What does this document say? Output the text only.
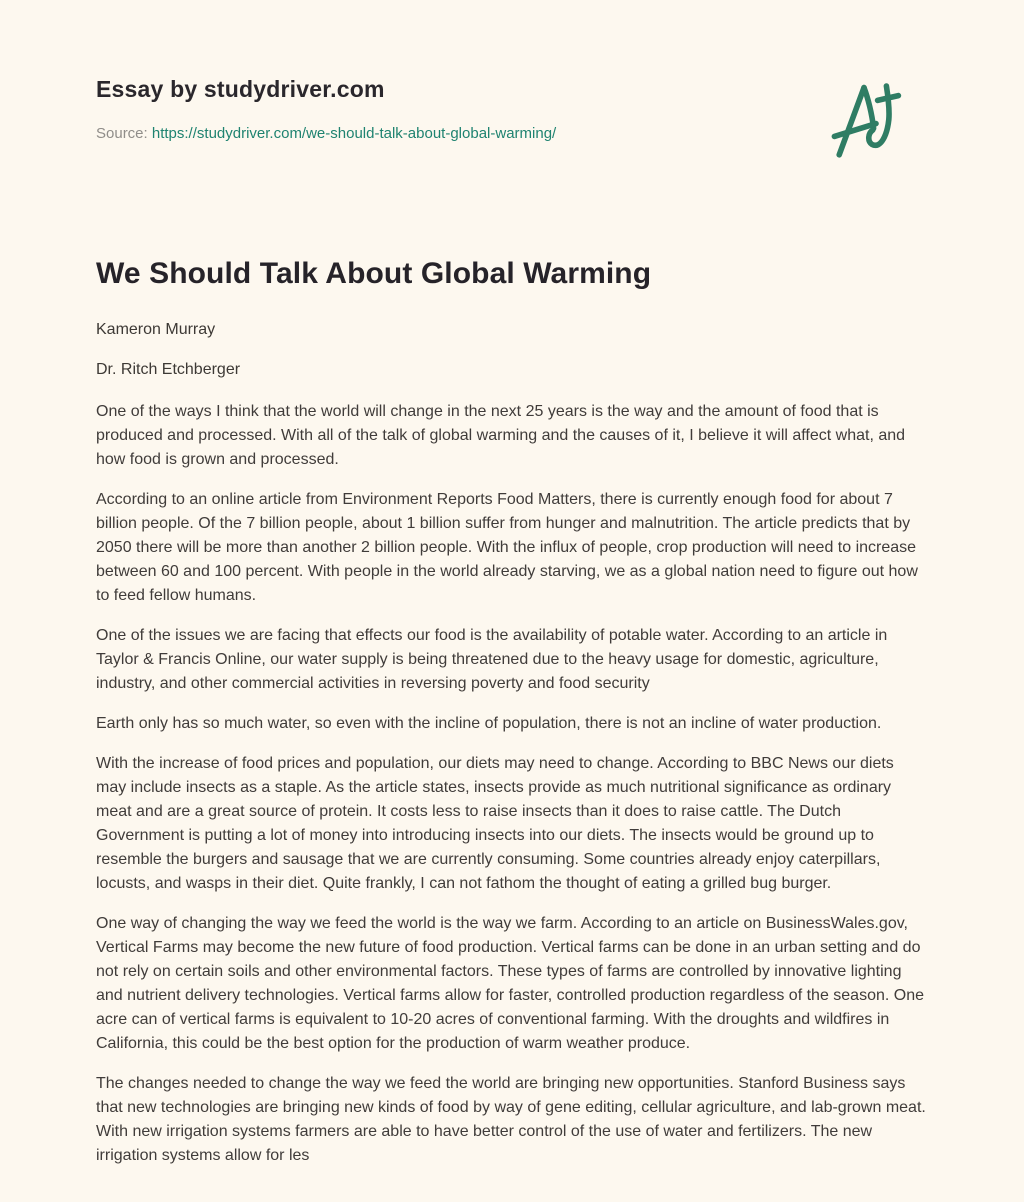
Essay by studydriver.com
Source: https://studydriver.com/we-should-talk-about-global-warming/
We Should Talk About Global Warming
Kameron Murray
Dr. Ritch Etchberger

One of the ways I think that the world will change in the next 25 years is the way and the amount of food that is produced and processed. With all of the talk of global warming and the causes of it, I believe it will affect what, and how food is grown and processed.

According to an online article from Environment Reports Food Matters, there is currently enough food for about 7 billion people. Of the 7 billion people, about 1 billion suffer from hunger and malnutrition. The article predicts that by 2050 there will be more than another 2 billion people. With the influx of people, crop production will need to increase between 60 and 100 percent. With people in the world already starving, we as a global nation need to figure out how to feed fellow humans.

One of the issues we are facing that effects our food is the availability of potable water. According to an article in Taylor & Francis Online, our water supply is being threatened due to the heavy usage for domestic, agriculture, industry, and other commercial activities in reversing poverty and food security

Earth only has so much water, so even with the incline of population, there is not an incline of water production.

With the increase of food prices and population, our diets may need to change. According to BBC News our diets may include insects as a staple. As the article states, insects provide as much nutritional significance as ordinary meat and are a great source of protein. It costs less to raise insects than it does to raise cattle. The Dutch Government is putting a lot of money into introducing insects into our diets. The insects would be ground up to resemble the burgers and sausage that we are currently consuming. Some countries already enjoy caterpillars, locusts, and wasps in their diet. Quite frankly, I can not fathom the thought of eating a grilled bug burger.

One way of changing the way we feed the world is the way we farm. According to an article on BusinessWales.gov, Vertical Farms may become the new future of food production. Vertical farms can be done in an urban setting and do not rely on certain soils and other environmental factors. These types of farms are controlled by innovative lighting and nutrient delivery technologies. Vertical farms allow for faster, controlled production regardless of the season. One acre can of vertical farms is equivalent to 10-20 acres of conventional farming. With the droughts and wildfires in California, this could be the best option for the production of warm weather produce.

The changes needed to change the way we feed the world are bringing new opportunities. Stanford Business says that new technologies are bringing new kinds of food by way of gene editing, cellular agriculture, and lab-grown meat. With new irrigation systems farmers are able to have better control of the use of water and fertilizers. The new irrigation systems allow for les
